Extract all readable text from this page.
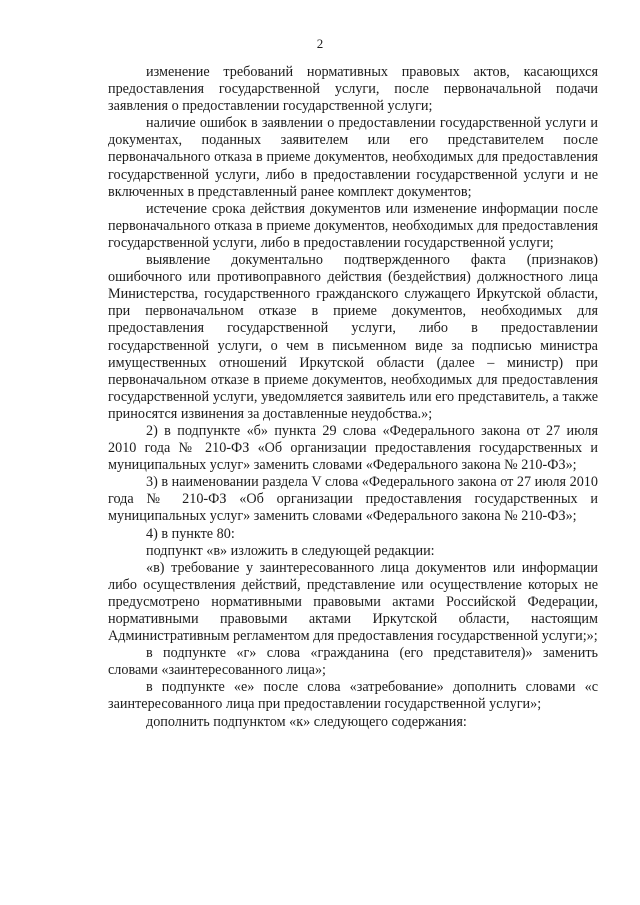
2

изменение требований нормативных правовых актов, касающихся предоставления государственной услуги, после первоначальной подачи заявления о предоставлении государственной услуги;

наличие ошибок в заявлении о предоставлении государственной услуги и документах, поданных заявителем или его представителем после первоначального отказа в приеме документов, необходимых для предоставления государственной услуги, либо в предоставлении государственной услуги и не включенных в представленный ранее комплект документов;

истечение срока действия документов или изменение информации после первоначального отказа в приеме документов, необходимых для предоставления государственной услуги, либо в предоставлении государственной услуги;

выявление документально подтвержденного факта (признаков) ошибочного или противоправного действия (бездействия) должностного лица Министерства, государственного гражданского служащего Иркутской области, при первоначальном отказе в приеме документов, необходимых для предоставления государственной услуги, либо в предоставлении государственной услуги, о чем в письменном виде за подписью министра имущественных отношений Иркутской области (далее – министр) при первоначальном отказе в приеме документов, необходимых для предоставления государственной услуги, уведомляется заявитель или его представитель, а также приносятся извинения за доставленные неудобства.»;

2) в подпункте «б» пункта 29 слова «Федерального закона от 27 июля 2010 года № 210-ФЗ «Об организации предоставления государственных и муниципальных услуг» заменить словами «Федерального закона № 210-ФЗ»;

3) в наименовании раздела V слова «Федерального закона от 27 июля 2010 года № 210-ФЗ «Об организации предоставления государственных и муниципальных услуг» заменить словами «Федерального закона № 210-ФЗ»;

4) в пункте 80:

подпункт «в» изложить в следующей редакции:

«в) требование у заинтересованного лица документов или информации либо осуществления действий, представление или осуществление которых не предусмотрено нормативными правовыми актами Российской Федерации, нормативными правовыми актами Иркутской области, настоящим Административным регламентом для предоставления государственной услуги;»;

в подпункте «г» слова «гражданина (его представителя)» заменить словами «заинтересованного лица»;

в подпункте «е» после слова «затребование» дополнить словами «с заинтересованного лица при предоставлении государственной услуги»;

дополнить подпунктом «к» следующего содержания:
